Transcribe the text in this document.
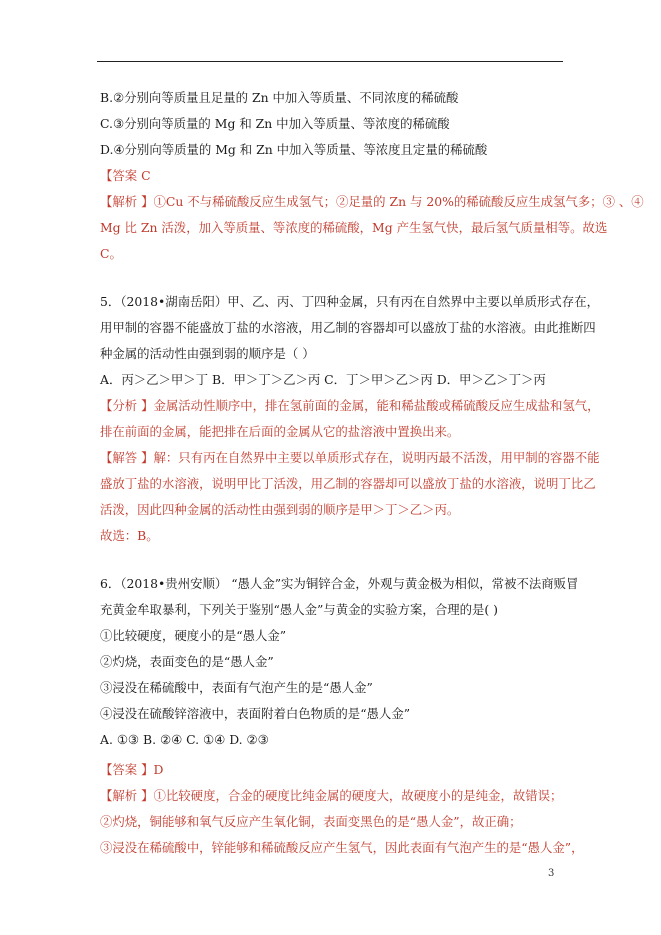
B.②分别向等质量且足量的 Zn 中加入等质量、不同浓度的稀硫酸
C.③分别向等质量的 Mg 和 Zn 中加入等质量、等浓度的稀硫酸
D.④分别向等质量的 Mg 和 Zn 中加入等质量、等浓度且定量的稀硫酸
【答案 C
【解析 】①Cu 不与稀硫酸反应生成氢气；②足量的 Zn 与 20%的稀硫酸反应生成氢气多；③ 、④
Mg 比 Zn 活泼，加入等质量、等浓度的稀硫酸，Mg 产生氢气快，最后氢气质量相等。故选
C。
5．（2018•湖南岳阳）甲、乙、丙、丁四种金属，只有丙在自然界中主要以单质形式存在，
用甲制的容器不能盛放丁盐的水溶液，用乙制的容器却可以盛放丁盐的水溶液。由此推断四
种金属的活动性由强到弱的顺序是（ ）
A．丙＞乙＞甲＞丁 B．甲＞丁＞乙＞丙 C．丁＞甲＞乙＞丙 D．甲＞乙＞丁＞丙
【分析 】金属活动性顺序中，排在氢前面的金属，能和稀盐酸或稀硫酸反应生成盐和氢气，
排在前面的金属，能把排在后面的金属从它的盐溶液中置换出来。
【解答 】解：只有丙在自然界中主要以单质形式存在，说明丙最不活泼，用甲制的容器不能
盛放丁盐的水溶液，说明甲比丁活泼，用乙制的容器却可以盛放丁盐的水溶液，说明丁比乙
活泼，因此四种金属的活动性由强到弱的顺序是甲＞丁＞乙＞丙。
故选：B。
6．（2018•贵州安顺） “愚人金”实为铜锌合金，外观与黄金极为相似，常被不法商贩冒
充黄金牟取暴利，下列关于鉴别“愚人金”与黄金的实验方案，合理的是( )
①比较硬度，硬度小的是“愚人金”
②灼烧，表面变色的是“愚人金”
③浸没在稀硫酸中，表面有气泡产生的是“愚人金”
④浸没在硫酸锌溶液中，表面附着白色物质的是“愚人金”
A. ①③ B. ②④ C. ①④ D. ②③
【答案 】D
【解析 】①比较硬度，合金的硬度比纯金属的硬度大，故硬度小的是纯金，故错误；
②灼烧，铜能够和氧气反应产生氧化铜，表面变黑色的是“愚人金”，故正确；
③浸没在稀硫酸中，锌能够和稀硫酸反应产生氢气，因此表面有气泡产生的是“愚人金”，
3
